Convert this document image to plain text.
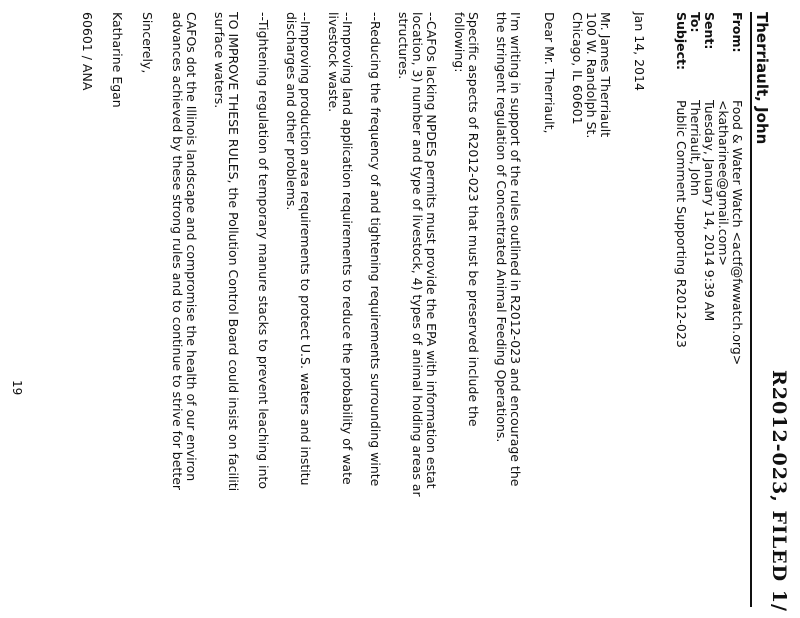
R2012-023, FILED 1/
Therriault, John
From:
Food & Water Watch <actf@fwwatch.org>
<katharinee@gmail.com>
Sent:
Tuesday, January 14, 2014 9:39 AM
To:
Therriault, John
Subject:
Public Comment Supporting R2012-023
Jan 14, 2014
Mr. James Therriault
100 W. Randolph St.
Chicago, IL 60601
Dear Mr. Therriault,
I'm writing in support of the rules outlined in R2012-023 and encourage the
the stringent regulation of Concentrated Animal Feeding Operations.
Specific aspects of R2012-023 that must be preserved include the
following:
--CAFOs lacking NPDES permits must provide the EPA with information estat
location, 3) number and type of livestock, 4) types of animal holding areas ar
structures.
--Reducing the frequency of and tightening requirements surrounding winte
--Improving land application requirements to reduce the probability of wate
livestock waste.
--Improving production area requirements to protect U.S. waters and institu
discharges and other problems.
--Tightening regulation of temporary manure stacks to prevent leaching into
TO IMPROVE THESE RULES, the Pollution Control Board could insist on faciliti
surface waters.
CAFOs dot the Illinois landscape and compromise the health of our environ
advances achieved by these strong rules and to continue to strive for better
Sincerely,
Katharine Egan
60601 / ANA
19
